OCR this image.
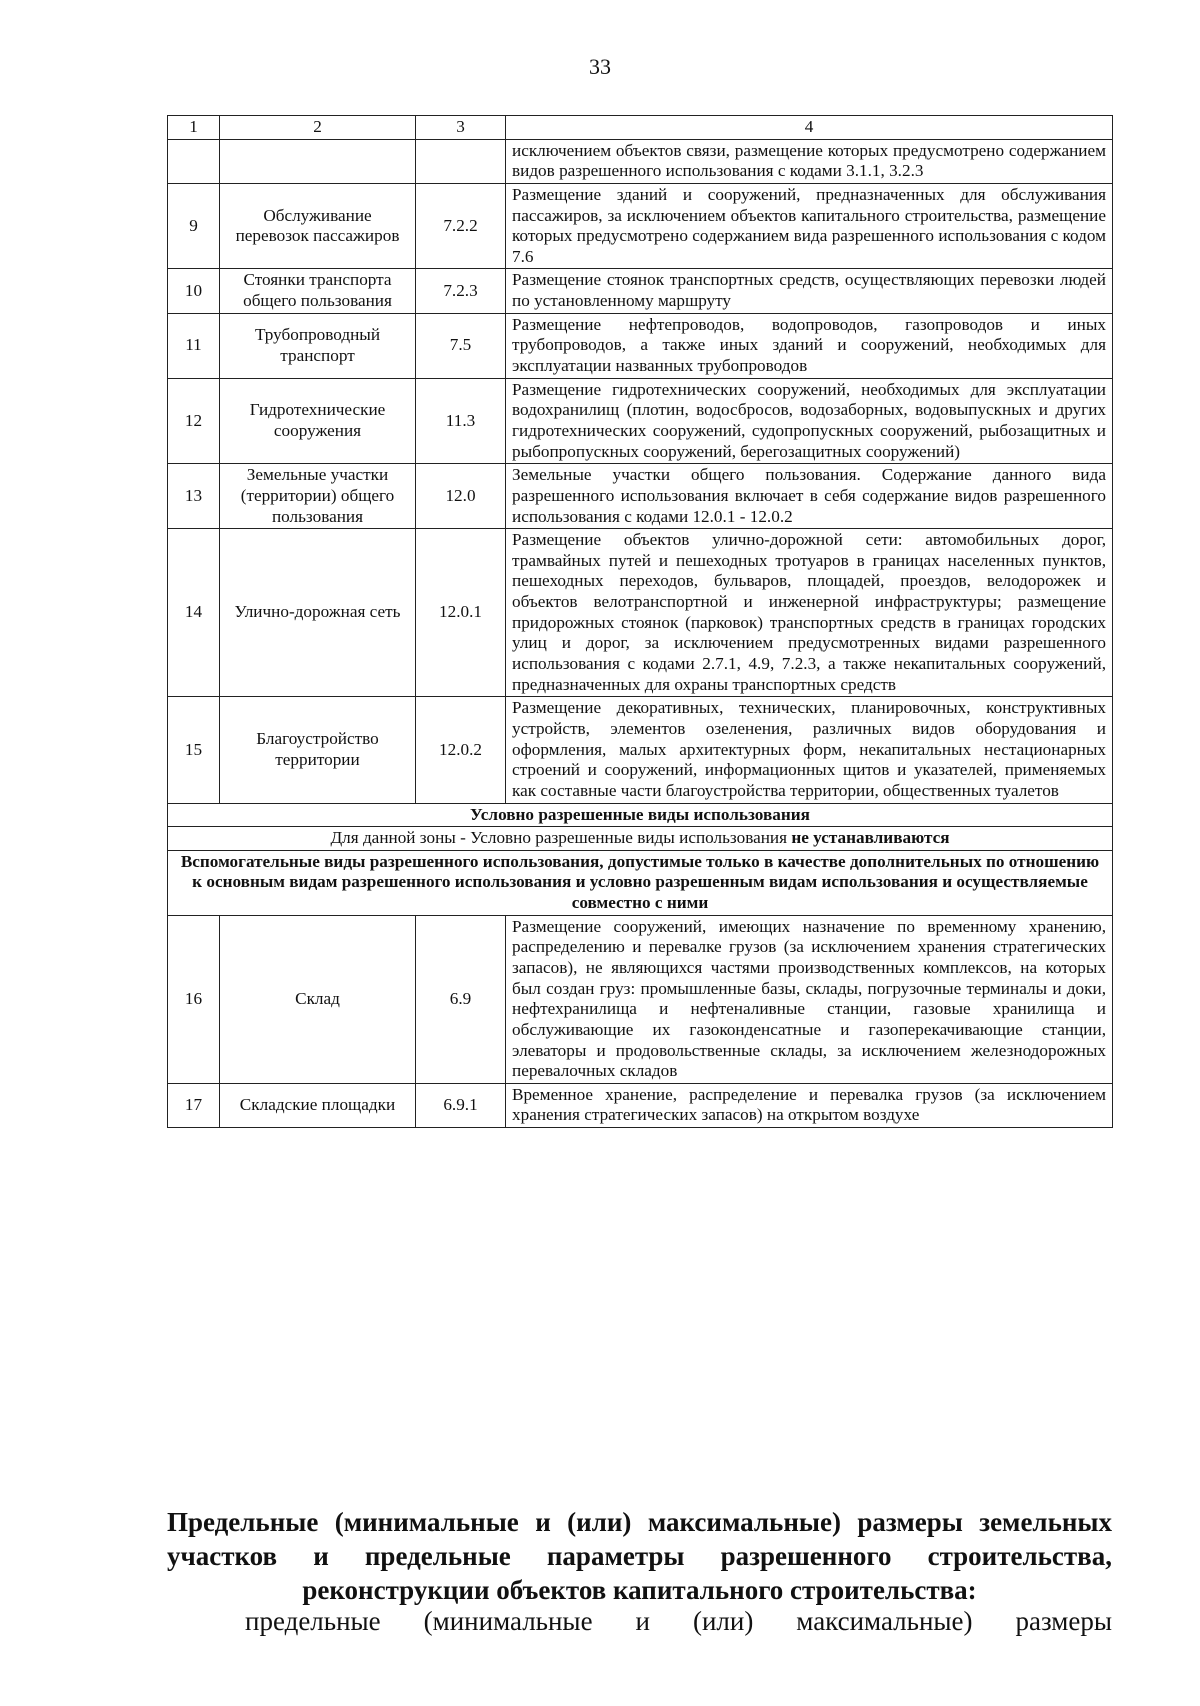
33
1	2	3	4
			исключением объектов связи, размещение которых предусмотрено содержанием видов разрешенного использования с кодами 3.1.1, 3.2.3
9	Обслуживание перевозок пассажиров	7.2.2	Размещение зданий и сооружений, предназначенных для обслуживания пассажиров, за исключением объектов капитального строительства, размещение которых предусмотрено содержанием вида разрешенного использования с кодом 7.6
10	Стоянки транспорта общего пользования	7.2.3	Размещение стоянок транспортных средств, осуществляющих перевозки людей по установленному маршруту
11	Трубопроводный транспорт	7.5	Размещение нефтепроводов, водопроводов, газопроводов и иных трубопроводов, а также иных зданий и сооружений, необходимых для эксплуатации названных трубопроводов
12	Гидротехнические сооружения	11.3	Размещение гидротехнических сооружений, необходимых для эксплуатации водохранилищ (плотин, водосбросов, водозаборных, водовыпускных и других гидротехнических сооружений, судопропускных сооружений, рыбозащитных и рыбопропускных сооружений, берегозащитных сооружений)
13	Земельные участки (территории) общего пользования	12.0	Земельные участки общего пользования. Содержание данного вида разрешенного использования включает в себя содержание видов разрешенного использования с кодами 12.0.1 - 12.0.2
14	Улично-дорожная сеть	12.0.1	Размещение объектов улично-дорожной сети: автомобильных дорог, трамвайных путей и пешеходных тротуаров в границах населенных пунктов, пешеходных переходов, бульваров, площадей, проездов, велодорожек и объектов велотранспортной и инженерной инфраструктуры; размещение придорожных стоянок (парковок) транспортных средств в границах городских улиц и дорог, за исключением предусмотренных видами разрешенного использования с кодами 2.7.1, 4.9, 7.2.3, а также некапитальных сооружений, предназначенных для охраны транспортных средств
15	Благоустройство территории	12.0.2	Размещение декоративных, технических, планировочных, конструктивных устройств, элементов озеленения, различных видов оборудования и оформления, малых архитектурных форм, некапитальных нестационарных строений и сооружений, информационных щитов и указателей, применяемых как составные части благоустройства территории, общественных туалетов
Условно разрешенные виды использования			
Для данной зоны - Условно разрешенные виды использования не устанавливаются			
Вспомогательные виды разрешенного использования, допустимые только в качестве дополнительных по отношению к основным видам разрешенного использования и условно разрешенным видам использования и осуществляемые совместно с ними			
16	Склад	6.9	Размещение сооружений, имеющих назначение по временному хранению, распределению и перевалке грузов (за исключением хранения стратегических запасов), не являющихся частями производственных комплексов, на которых был создан груз: промышленные базы, склады, погрузочные терминалы и доки, нефтехранилища и нефтеналивные станции, газовые хранилища и обслуживающие их газоконденсатные и газоперекачивающие станции, элеваторы и продовольственные склады, за исключением железнодорожных перевалочных складов
17	Складские площадки	6.9.1	Временное хранение, распределение и перевалка грузов (за исключением хранения стратегических запасов) на открытом воздухе
Предельные (минимальные и (или) максимальные) размеры земельных участков и предельные параметры разрешенного строительства, реконструкции объектов капитального строительства:
предельные (минимальные и (или) максимальные) размеры
